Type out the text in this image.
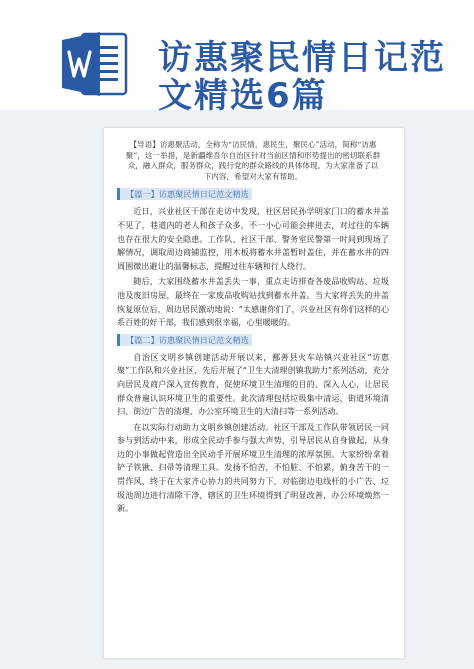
访惠聚民情日记范
文精选6篇
【导语】访惠聚活动，全称为“访民情，惠民生，聚民心”活动，简称“访惠聚”，这一举措，是新疆维吾尔自治区针对当前区情和形势提出的密切联系群众，融入群众，服务群众，践行党的群众路线的具体体现。为大家准备了以下内容，希望对大家有帮助。
【篇一】访惠聚民情日记范文精选

近日，兴业社区干部在走访中发现，社区居民孙学明家门口的蓄水井盖不见了，巷道内的老人和孩子众多，不一小心可能会摔进去，对过往的车辆也存在很大的安全隐患。工作队、社区干部、警务室民警第一时间到现场了解情况，调取周边商铺监控，用木板将蓄水井盖暂时盖住，并在蓄水井的四周围微出避让的温馨标志，提醒过往车辆和行人绕行。

随后，大家围绕蓄水井盖丢失一事，重点走访排查各废品收购站、垃圾池及废旧房屋，最终在一家废品收购站找到蓄水井盖。当大家将丢失的井盖恢复原位后，周边居民激动地说：“太感谢你们了，兴业社区有你们这样的心系百姓的好干部，我们感到很幸福，心里暖暖的。

【篇二】访惠聚民情日记范文精选

自治区文明乡镇创建活动开展以来，鄯善县火车站镇兴业社区“访惠聚”工作队和兴业社区，先后开展了“卫生大清理创镇我助力”系列活动，充分向居民及商户深入宣传教育，促使环境卫生清理的目的、深入人心，让居民群众普遍认识环境卫生的重要性。此次清理包括垃圾集中清运、街道环境清扫、街边广告的清理、办公室环境卫生的大清扫等一系列活动。

在以实际行动助力文明乡镇创建活动。社区干部及工作队带领居民一同参与到活动中来，形成全民动手参与强大声势，引导居民从自身做起，从身边的小事做起营造出全民动手开展环境卫生清理的浓厚氛围。大家纷纷拿着铲子铁锹、扫帚等清理工具。发扬不怕苦，不怕脏、不怕累，俯身苦干的一贯作风，终于在大家齐心协力的共同努力下，对临街边电线杆的小广告、垃圾池周边进行清除干净，辖区的卫生环境得到了明显改善，办公环境焕然一新。
